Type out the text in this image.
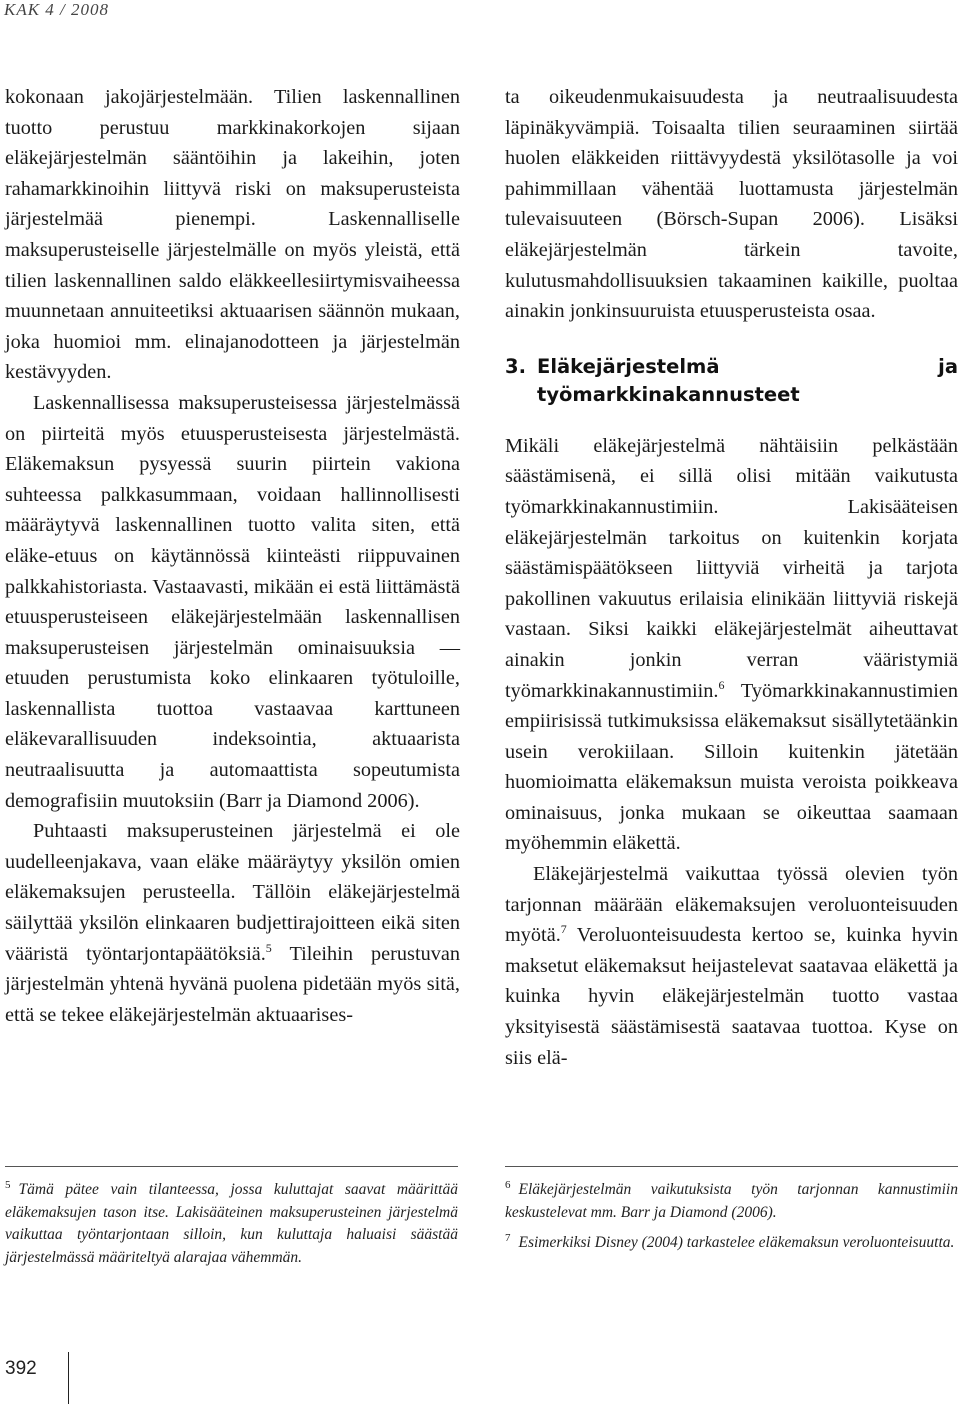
KAK 4 / 2008

kokonaan jakojärjestelmään. Tilien laskennallinen tuotto perustuu markkinakorkojen sijaan eläkejärjestelmän sääntöihin ja lakeihin, joten rahamarkkinoihin liittyvä riski on maksuperusteista järjestelmää pienempi. Laskennalliselle maksuperusteiselle järjestelmälle on myös yleistä, että tilien laskennallinen saldo eläkkeellesiirtymisvaiheessa muunnetaan annuiteetiksi aktuaarisen säännön mukaan, joka huomioi mm. elinajanodotteen ja järjestelmän kestävyyden.

Laskennallisessa maksuperusteisessa järjestelmässä on piirteitä myös etuusperusteisesta järjestelmästä. Eläkemaksun pysyessä suurin piirtein vakiona suhteessa palkkasummaan, voidaan hallinnollisesti määräytyvä laskennallinen tuotto valita siten, että eläke-etuus on käytännössä kiinteästi riippuvainen palkkahistoriasta. Vastaavasti, mikään ei estä liittämästä etuusperusteiseen eläkejärjestelmään laskennallisen maksuperusteisen järjestelmän ominaisuuksia — etuuden perustumista koko elinkaaren työtuloille, laskennallista tuottoa vastaavaa karttuneen eläkevarallisuuden indeksointia, aktuaarista neutraalisuutta ja automaattista sopeutumista demografisiin muutoksiin (Barr ja Diamond 2006).

Puhtaasti maksuperusteinen järjestelmä ei ole uudelleenjakava, vaan eläke määräytyy yksilön omien eläkemaksujen perusteella. Tällöin eläkejärjestelmä säilyttää yksilön elinkaaren budjettirajoitteen eikä siten vääristä työntarjontapäätöksiä.$^5$ Tileihin perustuvan järjestelmän yhtenä hyvänä puolena pidetään myös sitä, että se tekee eläkejärjestelmän aktuaarises-

ta oikeudenmukaisuudesta ja neutraalisuudesta läpinäkyvämpiä. Toisaalta tilien seuraaminen siirtää huolen eläkkeiden riittävyydestä yksilötasolle ja voi pahimmillaan vähentää luottamusta järjestelmän tulevaisuuteen (Börsch-Supan 2006). Lisäksi eläkejärjestelmän tärkein tavoite, kulutusmahdollisuuksien takaaminen kaikille, puoltaa ainakin jonkinsuuruista etuusperusteista osaa.

3. Eläkejärjestelmä ja työmarkkinakannusteet

Mikäli eläkejärjestelmä nähtäisiin pelkästään säästämisenä, ei sillä olisi mitään vaikutusta työmarkkinakannustimiin. Lakisääteisen eläkejärjestelmän tarkoitus on kuitenkin korjata säästämispäätökseen liittyviä virheitä ja tarjota pakollinen vakuutus erilaisia elinikään liittyviä riskejä vastaan. Siksi kaikki eläkejärjestelmät aiheuttavat ainakin jonkin verran vääristymiä työmarkkinakannustimiin.$^6$ Työmarkkinakannustimien empiirisissä tutkimuksissa eläkemaksut sisällytetäänkin usein verokiilaan. Silloin kuitenkin jätetään huomioimatta eläkemaksun muista veroista poikkeava ominaisuus, jonka mukaan se oikeuttaa saamaan myöhemmin eläkettä.

Eläkejärjestelmä vaikuttaa työssä olevien työn tarjonnan määrään eläkemaksujen veroluonteisuuden myötä.$^7$ Veroluonteisuudesta kertoo se, kuinka hyvin maksetut eläkemaksut heijastelevat saatavaa eläkettä ja kuinka hyvin eläkejärjestelmän tuotto vastaa yksityisestä säästämisestä saatavaa tuottoa. Kyse on siis elä-

$^5$ Tämä pätee vain tilanteessa, jossa kuluttajat saavat määrittää eläkemaksujen tason itse. Lakisääteinen maksuperusteinen järjestelmä vaikuttaa työntarjontaan silloin, kun kuluttaja haluaisi säästää järjestelmässä määriteltyä alarajaa vähemmän.

$^6$ Eläkejärjestelmän vaikutuksista työn tarjonnan kannustimiin keskustelevat mm. Barr ja Diamond (2006).

$^7$ Esimerkiksi Disney (2004) tarkastelee eläkemaksun veroluonteisuutta.

392
